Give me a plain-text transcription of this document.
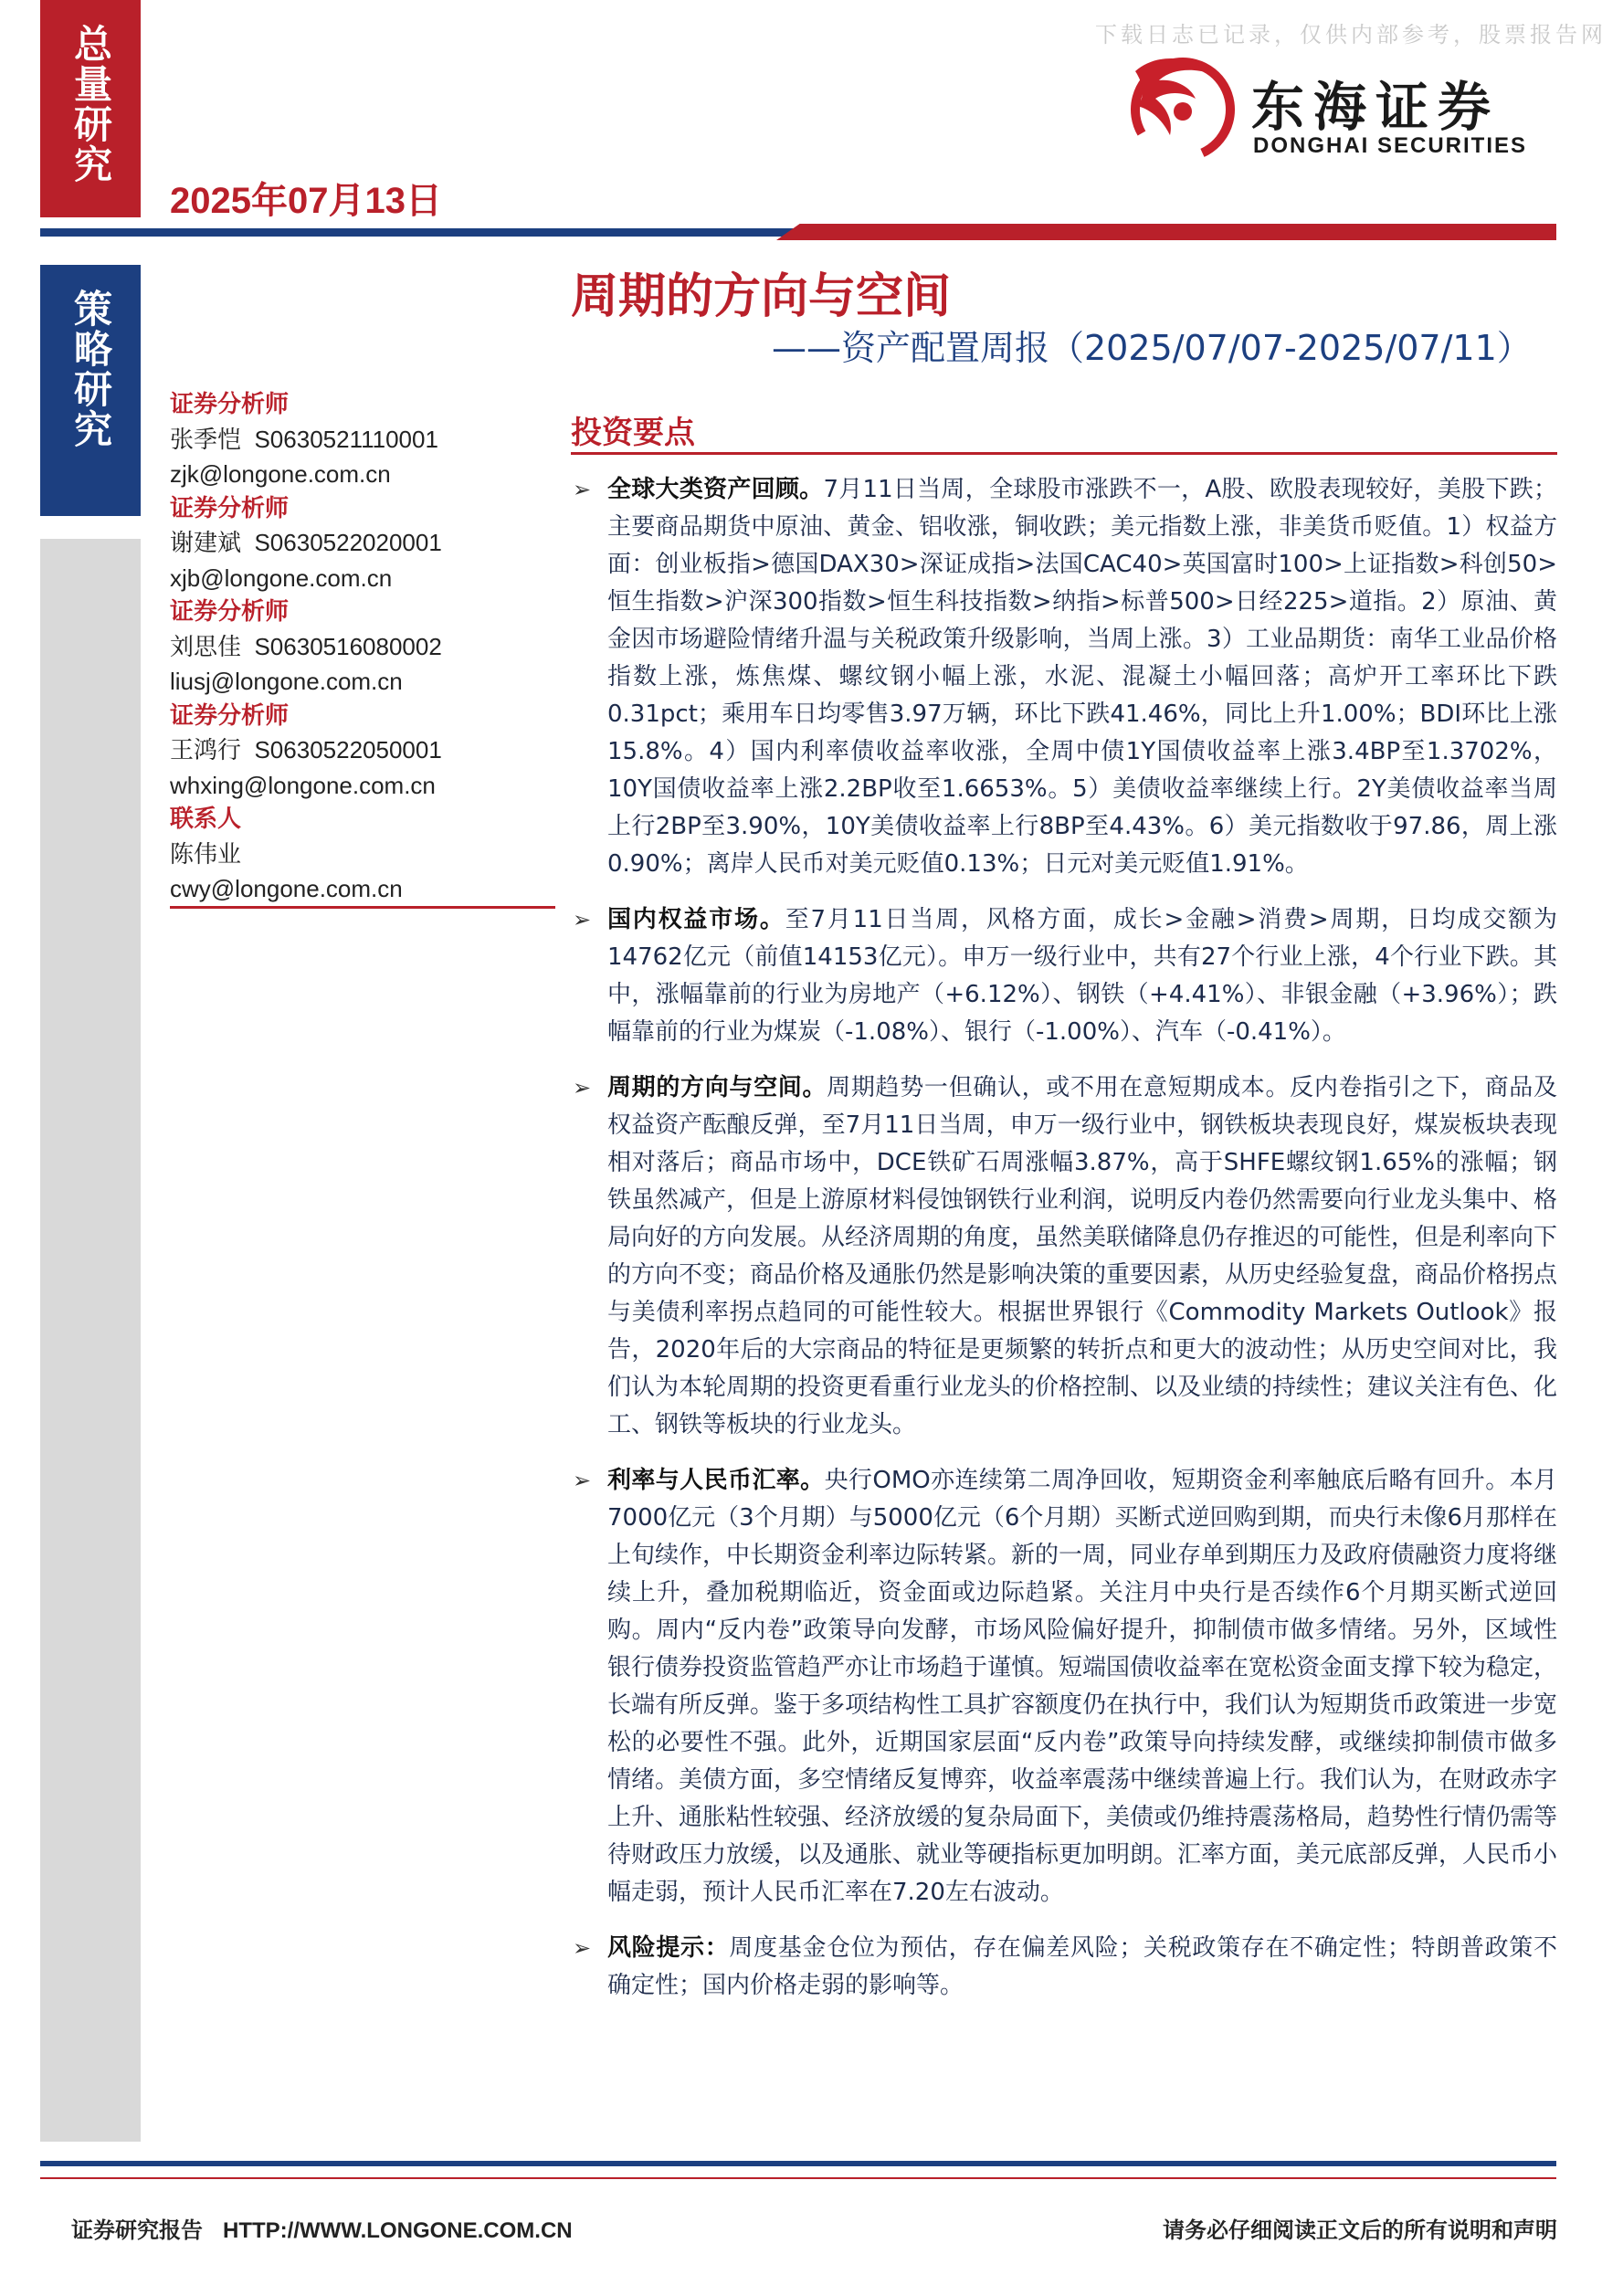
下载日志已记录，仅供内部参考，股票报告网
总量研究
策略研究
2025年07月13日
东海证券
DONGHAI SECURITIES
周期的方向与空间
——资产配置周报（2025/07/07-2025/07/11）
证券分析师
张季恺 S0630521110001
zjk@longone.com.cn
证券分析师
谢建斌 S0630522020001
xjb@longone.com.cn
证券分析师
刘思佳 S0630516080002
liusj@longone.com.cn
证券分析师
王鸿行 S0630522050001
whxing@longone.com.cn
联系人
陈伟业
cwy@longone.com.cn
投资要点
➢ 全球大类资产回顾。7月11日当周，全球股市涨跌不一，A股、欧股表现较好，美股下跌；主要商品期货中原油、黄金、铝收涨，铜收跌；美元指数上涨，非美货币贬值。1）权益方面：创业板指>德国DAX30>深证成指>法国CAC40>英国富时100>上证指数>科创50>恒生指数>沪深300指数>恒生科技指数>纳指>标普500>日经225>道指。2）原油、黄金因市场避险情绪升温与关税政策升级影响，当周上涨。3）工业品期货：南华工业品价格指数上涨，炼焦煤、螺纹钢小幅上涨，水泥、混凝土小幅回落；高炉开工率环比下跌0.31pct；乘用车日均零售3.97万辆，环比下跌41.46%，同比上升1.00%；BDI环比上涨15.8%。4）国内利率债收益率收涨，全周中债1Y国债收益率上涨3.4BP至1.3702%，10Y国债收益率上涨2.2BP收至1.6653%。5）美债收益率继续上行。2Y美债收益率当周上行2BP至3.90%，10Y美债收益率上行8BP至4.43%。6）美元指数收于97.86，周上涨0.90%；离岸人民币对美元贬值0.13%；日元对美元贬值1.91%。
➢ 国内权益市场。至7月11日当周，风格方面，成长>金融>消费>周期，日均成交额为14762亿元（前值14153亿元）。申万一级行业中，共有27个行业上涨，4个行业下跌。其中，涨幅靠前的行业为房地产（+6.12%）、钢铁（+4.41%）、非银金融（+3.96%）；跌幅靠前的行业为煤炭（-1.08%）、银行（-1.00%）、汽车（-0.41%）。
➢ 周期的方向与空间。周期趋势一但确认，或不用在意短期成本。反内卷指引之下，商品及权益资产酝酿反弹，至7月11日当周，申万一级行业中，钢铁板块表现良好，煤炭板块表现相对落后；商品市场中，DCE铁矿石周涨幅3.87%，高于SHFE螺纹钢1.65%的涨幅；钢铁虽然减产，但是上游原材料侵蚀钢铁行业利润，说明反内卷仍然需要向行业龙头集中、格局向好的方向发展。从经济周期的角度，虽然美联储降息仍存推迟的可能性，但是利率向下的方向不变；商品价格及通胀仍然是影响决策的重要因素，从历史经验复盘，商品价格拐点与美债利率拐点趋同的可能性较大。根据世界银行《Commodity Markets Outlook》报告，2020年后的大宗商品的特征是更频繁的转折点和更大的波动性；从历史空间对比，我们认为本轮周期的投资更看重行业龙头的价格控制、以及业绩的持续性；建议关注有色、化工、钢铁等板块的行业龙头。
➢ 利率与人民币汇率。央行OMO亦连续第二周净回收，短期资金利率触底后略有回升。本月7000亿元（3个月期）与5000亿元（6个月期）买断式逆回购到期，而央行未像6月那样在上旬续作，中长期资金利率边际转紧。新的一周，同业存单到期压力及政府债融资力度将继续上升，叠加税期临近，资金面或边际趋紧。关注月中央行是否续作6个月期买断式逆回购。周内“反内卷”政策导向发酵，市场风险偏好提升，抑制债市做多情绪。另外，区域性银行债券投资监管趋严亦让市场趋于谨慎。短端国债收益率在宽松资金面支撑下较为稳定，长端有所反弹。鉴于多项结构性工具扩容额度仍在执行中，我们认为短期货币政策进一步宽松的必要性不强。此外，近期国家层面“反内卷”政策导向持续发酵，或继续抑制债市做多情绪。美债方面，多空情绪反复博弈，收益率震荡中继续普遍上行。我们认为，在财政赤字上升、通胀粘性较强、经济放缓的复杂局面下，美债或仍维持震荡格局，趋势性行情仍需等待财政压力放缓，以及通胀、就业等硬指标更加明朗。汇率方面，美元底部反弹，人民币小幅走弱，预计人民币汇率在7.20左右波动。
➢ 风险提示：周度基金仓位为预估，存在偏差风险；关税政策存在不确定性；特朗普政策不确定性；国内价格走弱的影响等。
证券研究报告 HTTP://WWW.LONGONE.COM.CN	请务必仔细阅读正文后的所有说明和声明
